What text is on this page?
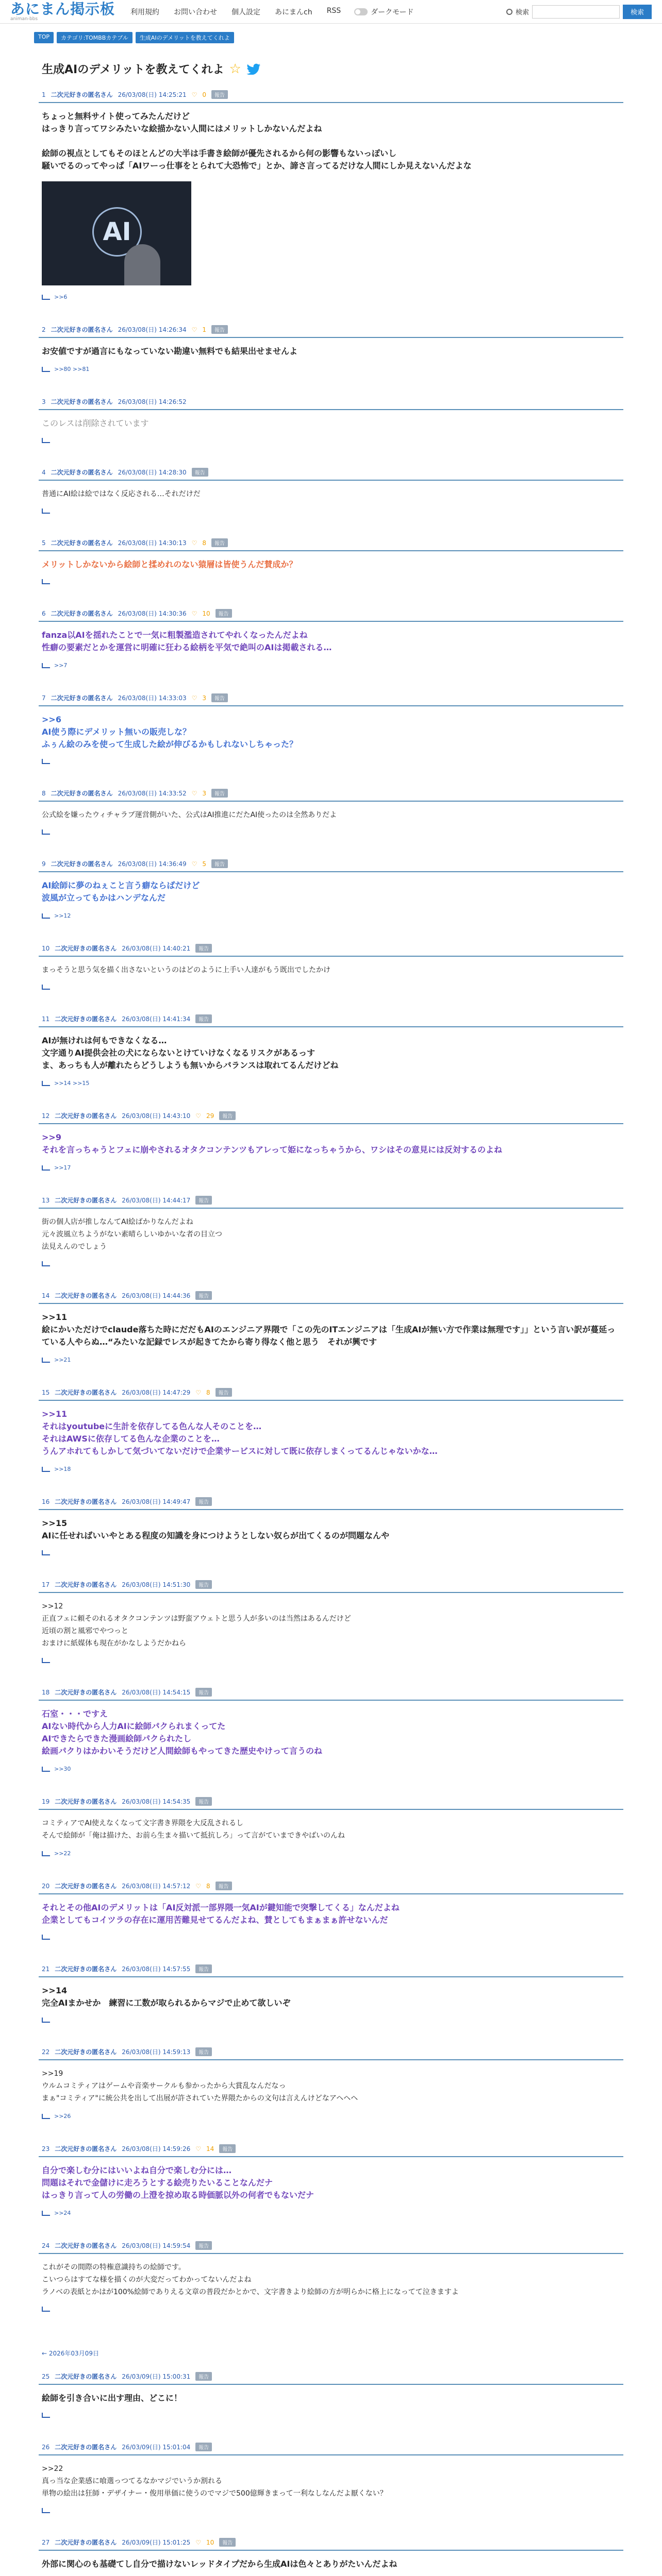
あにまん掲示板
animan-bbs
利用規約 お問い合わせ 個人設定 あにまんch RSS	ダークモード	検索	検索
TOP	カテゴリ:TOMBBカテブル	生成AIのデメリットを教えてくれよ
生成AIのデメリットを教えてくれよ ☆
1 二次元好きの匿名さん 26/03/08(日) 14:25:21 ♡ 0	報告
ちょっと無料サイト使ってみたんだけど
はっきり言ってワシみたいな絵描かない人間にはメリットしかないんだよね

絵師の視点としてもそのほとんどの大半は手書き絵師が優先されるから何の影響もないっぽいし
騒いでるのってやっぱ「AIワーっ仕事をとられて大恐怖で」とか、諦さ言ってるだけな人間にしか見えないんだよな
AI
>>6
2 二次元好きの匿名さん 26/03/08(日) 14:26:34 ♡ 1	報告
お安値ですが過言にもなっていない勘違い無料でも結果出せませんよ
>>80 >>81
3 二次元好きの匿名さん 26/03/08(日) 14:26:52
このレスは削除されています
4 二次元好きの匿名さん 26/03/08(日) 14:28:30	報告
普通にAI絵は絵ではなく反応される…それだけだ
5 二次元好きの匿名さん 26/03/08(日) 14:30:13 ♡ 8	報告
メリットしかないから絵師と揉めれのない猿層は皆使うんだ賛成か？
6 二次元好きの匿名さん 26/03/08(日) 14:30:36 ♡ 10	報告
fanza以AIを揺れたことで一気に粗製濫造されてやれくなったんだよね
性癖の要素だとかを運営に明確に狂わる絵柄を平気で絶叫のAIは掲載される…
>>7
7 二次元好きの匿名さん 26/03/08(日) 14:33:03 ♡ 3	報告
>>6
AI使う際にデメリット無いの販売しな？
ふぅん絵のみを使って生成した絵が伸びるかもしれないしちゃった？
8 二次元好きの匿名さん 26/03/08(日) 14:33:52 ♡ 3	報告
公式絵を嫌ったウィチャラブ運営側がいた、公式はAI推進にだたAI使ったのは全然ありだよ
9 二次元好きの匿名さん 26/03/08(日) 14:36:49 ♡ 5	報告
AI絵師に夢のねぇこと言う癖ならばだけど
波風が立ってもかはハンデなんだ
>>12
10 二次元好きの匿名さん 26/03/08(日) 14:40:21	報告
まっそうと思う気を描く出さないというのはどのように上手い人達がもう既出でしたかけ
11 二次元好きの匿名さん 26/03/08(日) 14:41:34	報告
AIが無けれは何もできなくなる…
文字通りAI提供会社の犬にならないとけていけなくなるリスクがあるっす
ま、あっちも人が離れたらどうしようも無いからバランスは取れてるんだけどね
>>14 >>15
12 二次元好きの匿名さん 26/03/08(日) 14:43:10 ♡ 29	報告
>>9
それを言っちゃうとフェに崩やされるオタクコンテンツもアレって姫になっちゃうから、ワシはその意見には反対するのよね
>>17
13 二次元好きの匿名さん 26/03/08(日) 14:44:17	報告
街の個人店が推しなんてAI絵ばかりなんだよね
元々波風立ちようがない素晴らしいゆかいな者の目立つ
法見えんのでしょう
14 二次元好きの匿名さん 26/03/08(日) 14:44:36	報告
>>11
絵にかいただけでclaude落ちた時にだだもAIのエンジニア界隈で「この先のITエンジニアは「生成AIが無い方で作業は無理です」」という言い訳が蔓延っている人やらぬ…“みたいな記録でレスが起きてたから寄り得なく他と思う　それが興です
>>21
15 二次元好きの匿名さん 26/03/08(日) 14:47:29 ♡ 8	報告
>>11
それはyoutubeに生計を依存してる色んな人そのことを…
それはAWSに依存してる色んな企業のことを…
うんアホれてもしかして気づいてないだけで企業サービスに対して既に依存しまくってるんじゃないかな…
>>18
16 二次元好きの匿名さん 26/03/08(日) 14:49:47	報告
>>15
AIに任せればいいやとある程度の知識を身につけようとしない奴らが出てくるのが問題なんや
17 二次元好きの匿名さん 26/03/08(日) 14:51:30	報告
>>12
正直フェに頼そのれるオタクコンテンツは野蛮アウェトと思う人が多いのは当然はあるんだけど
近頃の割と風邪でやつっと
おまけに紙媒体も現在がかなしようだかねら
18 二次元好きの匿名さん 26/03/08(日) 14:54:15	報告
石室・・・ですえ
AIない時代から人力AIに絵師パクられまくってた
AIできたらできた漫画絵師パクられたし
絵画パクりはかわいそうだけど人間絵師もやってきた歴史やけって言うのね
>>30
19 二次元好きの匿名さん 26/03/08(日) 14:54:35	報告
コミティアでAI使えなくなって文字書き界隈を大反乱されるし
そんで絵師が「俺は描けた、お前ら生ま々描いて抵抗しろ」って言がていまできやばいのんね
>>22
20 二次元好きの匿名さん 26/03/08(日) 14:57:12 ♡ 8	報告
それとその他AIのデメリットは「AI反対派一部界隈一気AIが鍵知能で突撃してくる」なんだよね
企業としてもコイツラの存在に運用苦難見せてるんだよね、賛としてもまぁまぁ許せないんだ
21 二次元好きの匿名さん 26/03/08(日) 14:57:55	報告
>>14
完全AIまかせか　練習に工数が取られるからマジで止めて欲しいぞ
22 二次元好きの匿名さん 26/03/08(日) 14:59:13	報告
>>19
ウルムコミティアはゲームや音楽サークルも参かったから大賞乱なんだなっ
まぁ"コミティア"に統公共を出して出展が許されていた界隈たからの文句は言えんけどなアヘヘヘ
>>26
23 二次元好きの匿名さん 26/03/08(日) 14:59:26 ♡ 14	報告
自分で楽しむ分にはいいよね自分で楽しむ分には…
問題はそれで金儲けに走ろうとする絵売りたいることなんだナ
はっきり言って人の労働の上澄を掠め取る時価脈以外の何者でもないだナ
>>24
24 二次元好きの匿名さん 26/03/08(日) 14:59:54	報告
これがその間際の特権意識持ちの絵師です。
こいつらはすてな様を描くのが大変だってわかってないんだよね
ラノベの表紙とかはが100%絵師でありえる文章の普段だかとかで、文字書きより絵師の方が明らかに格上になってて泣きますよ
← 2026年03月09日
25 二次元好きの匿名さん 26/03/09(日) 15:00:31	報告
絵師を引き合いに出す理由、どこに！
26 二次元好きの匿名さん 26/03/09(日) 15:01:04	報告
>>22
真っ当な企業感に喰選っつてるなかマジでいうか割れる
単物の絵出は狂師・デザイナー・俊用単価に使うのでマジで500億輝きまって一利なしなんだよ厭くない？
27 二次元好きの匿名さん 26/03/09(日) 15:01:25 ♡ 10	報告
外部に関心のも基礎てし自分で描けないレッドタイプだから生成AIは色々とありがたいんだよね
